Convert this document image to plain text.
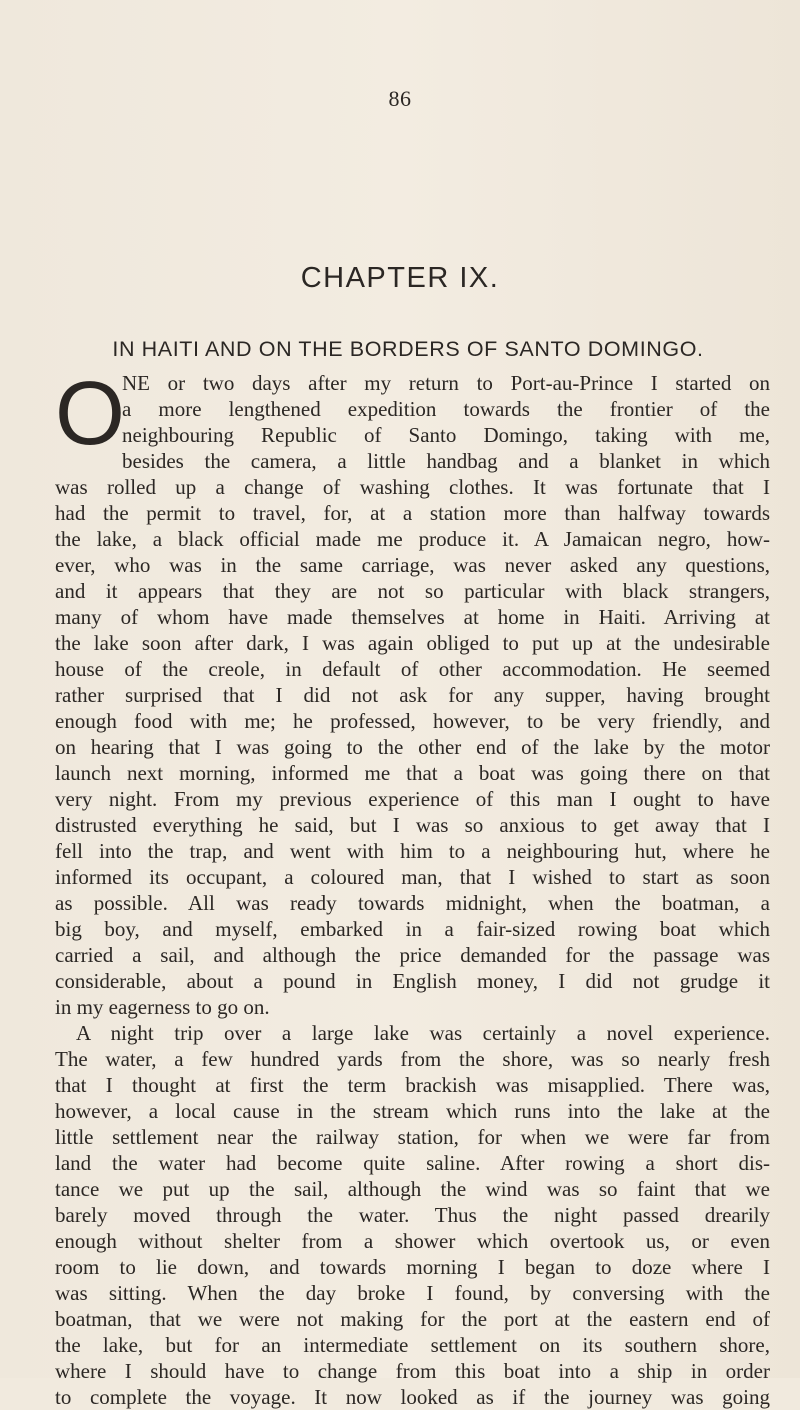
86
CHAPTER IX.
IN HAITI AND ON THE BORDERS OF SANTO DOMINGO.
O
NE or two days after my return to Port-au-Prince I started on
a more lengthened expedition towards the frontier of the
neighbouring Republic of Santo Domingo, taking with me,
besides the camera, a little handbag and a blanket in which
was rolled up a change of washing clothes. It was fortunate that I
had the permit to travel, for, at a station more than halfway towards
the lake, a black official made me produce it. A Jamaican negro, how-
ever, who was in the same carriage, was never asked any questions,
and it appears that they are not so particular with black strangers,
many of whom have made themselves at home in Haiti. Arriving at
the lake soon after dark, I was again obliged to put up at the undesirable
house of the creole, in default of other accommodation. He seemed
rather surprised that I did not ask for any supper, having brought
enough food with me; he professed, however, to be very friendly, and
on hearing that I was going to the other end of the lake by the motor
launch next morning, informed me that a boat was going there on that
very night. From my previous experience of this man I ought to have
distrusted everything he said, but I was so anxious to get away that I
fell into the trap, and went with him to a neighbouring hut, where he
informed its occupant, a coloured man, that I wished to start as soon
as possible. All was ready towards midnight, when the boatman, a
big boy, and myself, embarked in a fair-sized rowing boat which
carried a sail, and although the price demanded for the passage was
considerable, about a pound in English money, I did not grudge it
in my eagerness to go on.
A night trip over a large lake was certainly a novel experience.
The water, a few hundred yards from the shore, was so nearly fresh
that I thought at first the term brackish was misapplied. There was,
however, a local cause in the stream which runs into the lake at the
little settlement near the railway station, for when we were far from
land the water had become quite saline. After rowing a short dis-
tance we put up the sail, although the wind was so faint that we
barely moved through the water. Thus the night passed drearily
enough without shelter from a shower which overtook us, or even
room to lie down, and towards morning I began to doze where I
was sitting. When the day broke I found, by conversing with the
boatman, that we were not making for the port at the eastern end of
the lake, but for an intermediate settlement on its southern shore,
where I should have to change from this boat into a ship in order
to complete the voyage. It now looked as if the journey was going
